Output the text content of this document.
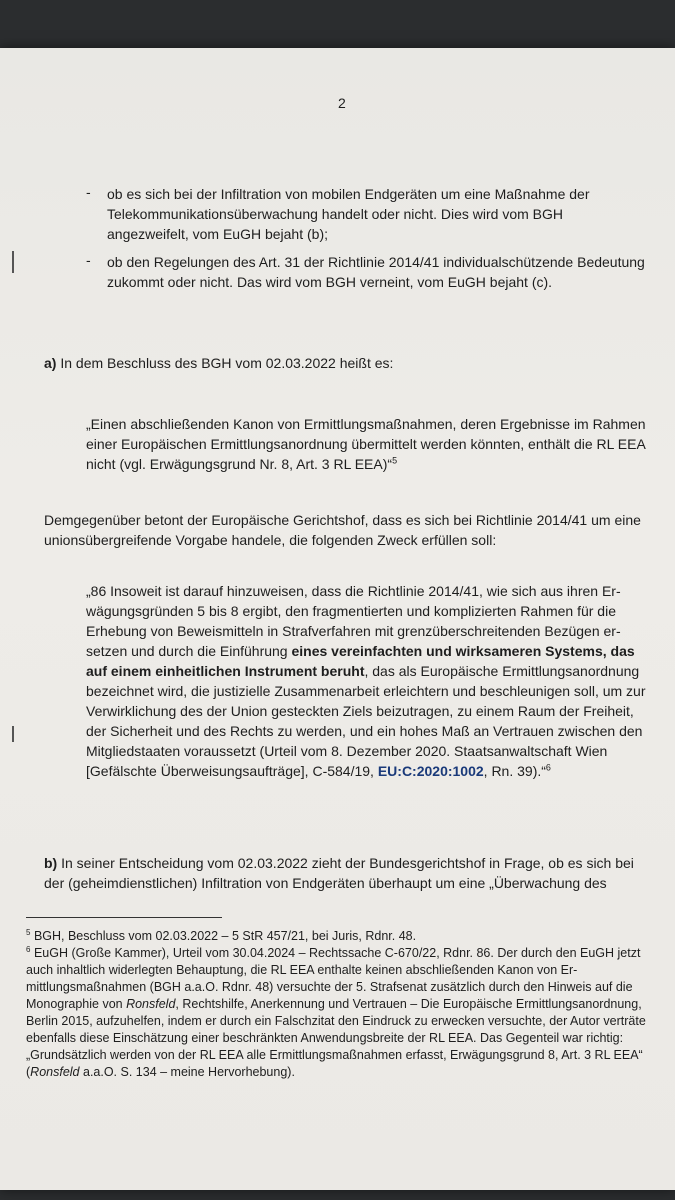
2
- ob es sich bei der Infiltration von mobilen Endgeräten um eine Maßnahme der Telekommunikationsüberwachung handelt oder nicht. Dies wird vom BGH angezweifelt, vom EuGH bejaht (b);
- ob den Regelungen des Art. 31 der Richtlinie 2014/41 individualschützende Bedeutung zukommt oder nicht. Das wird vom BGH verneint, vom EuGH bejaht (c).
a) In dem Beschluss des BGH vom 02.03.2022 heißt es:
„Einen abschließenden Kanon von Ermittlungsmaßnahmen, deren Ergebnisse im Rahmen einer Europäischen Ermittlungsanordnung übermittelt werden könnten, enthält die RL EEA nicht (vgl. Erwägungsgrund Nr. 8, Art. 3 RL EEA)“$^5$
Demgegenüber betont der Europäische Gerichtshof, dass es sich bei Richtlinie 2014/41 um eine unionsübergreifende Vorgabe handele, die folgenden Zweck erfüllen soll:
„86 Insoweit ist darauf hinzuweisen, dass die Richtlinie 2014/41, wie sich aus ihren Erwägungsgründen 5 bis 8 ergibt, den fragmentierten und komplizierten Rahmen für die Erhebung von Beweismitteln in Strafverfahren mit grenzüberschreitenden Bezügen ersetzen und durch die Einführung eines vereinfachten und wirksameren Systems, das auf einem einheitlichen Instrument beruht, das als Europäische Ermittlungsanordnung bezeichnet wird, die justizielle Zusammenarbeit erleichtern und beschleunigen soll, um zur Verwirklichung des der Union gesteckten Ziels beizutragen, zu einem Raum der Freiheit, der Sicherheit und des Rechts zu werden, und ein hohes Maß an Vertrauen zwischen den Mitgliedstaaten voraussetzt (Urteil vom 8. Dezember 2020. Staatsanwaltschaft Wien [Gefälschte Überweisungsaufträge], C-584/19, EU:C:2020:1002, Rn. 39).“$^6$
b) In seiner Entscheidung vom 02.03.2022 zieht der Bundesgerichtshof in Frage, ob es sich bei der (geheimdienstlichen) Infiltration von Endgeräten überhaupt um eine „Überwachung des
$^5$ BGH, Beschluss vom 02.03.2022 – 5 StR 457/21, bei Juris, Rdnr. 48.
$^6$ EuGH (Große Kammer), Urteil vom 30.04.2024 – Rechtssache C-670/22, Rdnr. 86. Der durch den EuGH jetzt auch inhaltlich widerlegten Behauptung, die RL EEA enthalte keinen abschließenden Kanon von Ermittlungsmaßnahmen (BGH a.a.O. Rdnr. 48) versuchte der 5. Strafsenat zusätzlich durch den Hinweis auf die Monographie von Ronsfeld, Rechtshilfe, Anerkennung und Vertrauen – Die Europäische Ermittlungsanordnung, Berlin 2015, aufzuhelfen, indem er durch ein Falschzitat den Eindruck zu erwecken versuchte, der Autor verträte ebenfalls diese Einschätzung einer beschränkten Anwendungsbreite der RL EEA. Das Gegenteil war richtig: „Grundsätzlich werden von der RL EEA alle Ermittlungsmaßnahmen erfasst, Erwägungsgrund 8, Art. 3 RL EEA“ (Ronsfeld a.a.O. S. 134 – meine Hervorhebung).
